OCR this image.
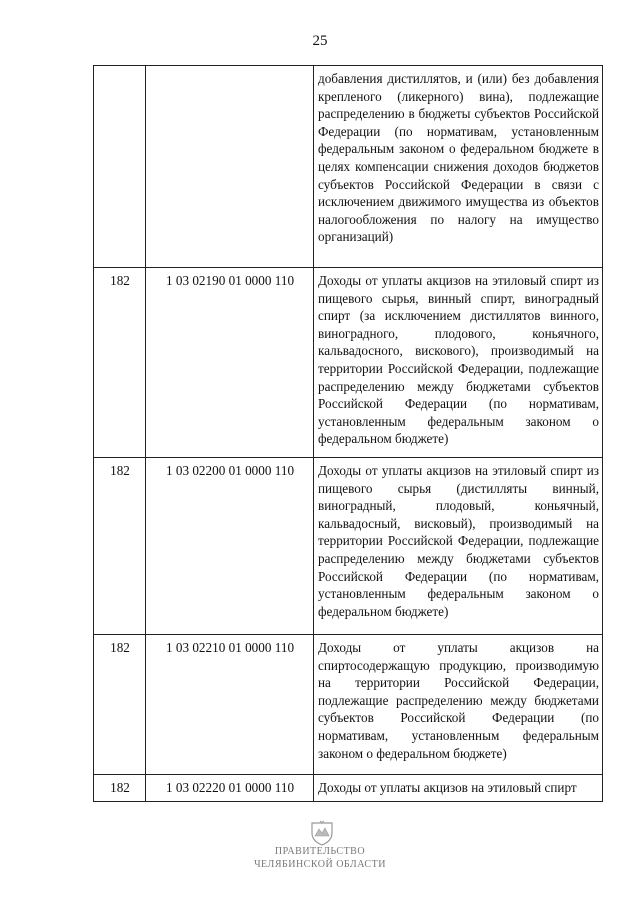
25
		добавления дистиллятов, и (или) без добавления крепленого (ликерного) вина), подлежащие распределению в бюджеты субъектов Российской Федерации (по нормативам, установленным федеральным законом о федеральном бюджете в целях компенсации снижения доходов бюджетов субъектов Российской Федерации в связи с исключением движимого имущества из объектов налогообложения по налогу на имущество организаций)
182	1 03 02190 01 0000 110	Доходы от уплаты акцизов на этиловый спирт из пищевого сырья, винный спирт, виноградный спирт (за исключением дистиллятов винного, виноградного, плодового, коньячного, кальвадосного, вискового), производимый на территории Российской Федерации, подлежащие распределению между бюджетами субъектов Российской Федерации (по нормативам, установленным федеральным законом о федеральном бюджете)
182	1 03 02200 01 0000 110	Доходы от уплаты акцизов на этиловый спирт из пищевого сырья (дистилляты винный, виноградный, плодовый, коньячный, кальвадосный, висковый), производимый на территории Российской Федерации, подлежащие распределению между бюджетами субъектов Российской Федерации (по нормативам, установленным федеральным законом о федеральном бюджете)
182	1 03 02210 01 0000 110	Доходы от уплаты акцизов на спиртосодержащую продукцию, производимую на территории Российской Федерации, подлежащие распределению между бюджетами субъектов Российской Федерации (по нормативам, установленным федеральным законом о федеральном бюджете)
182	1 03 02220 01 0000 110	Доходы от уплаты акцизов на этиловый спирт
ПРАВИТЕЛЬСТВО
ЧЕЛЯБИНСКОЙ ОБЛАСТИ
